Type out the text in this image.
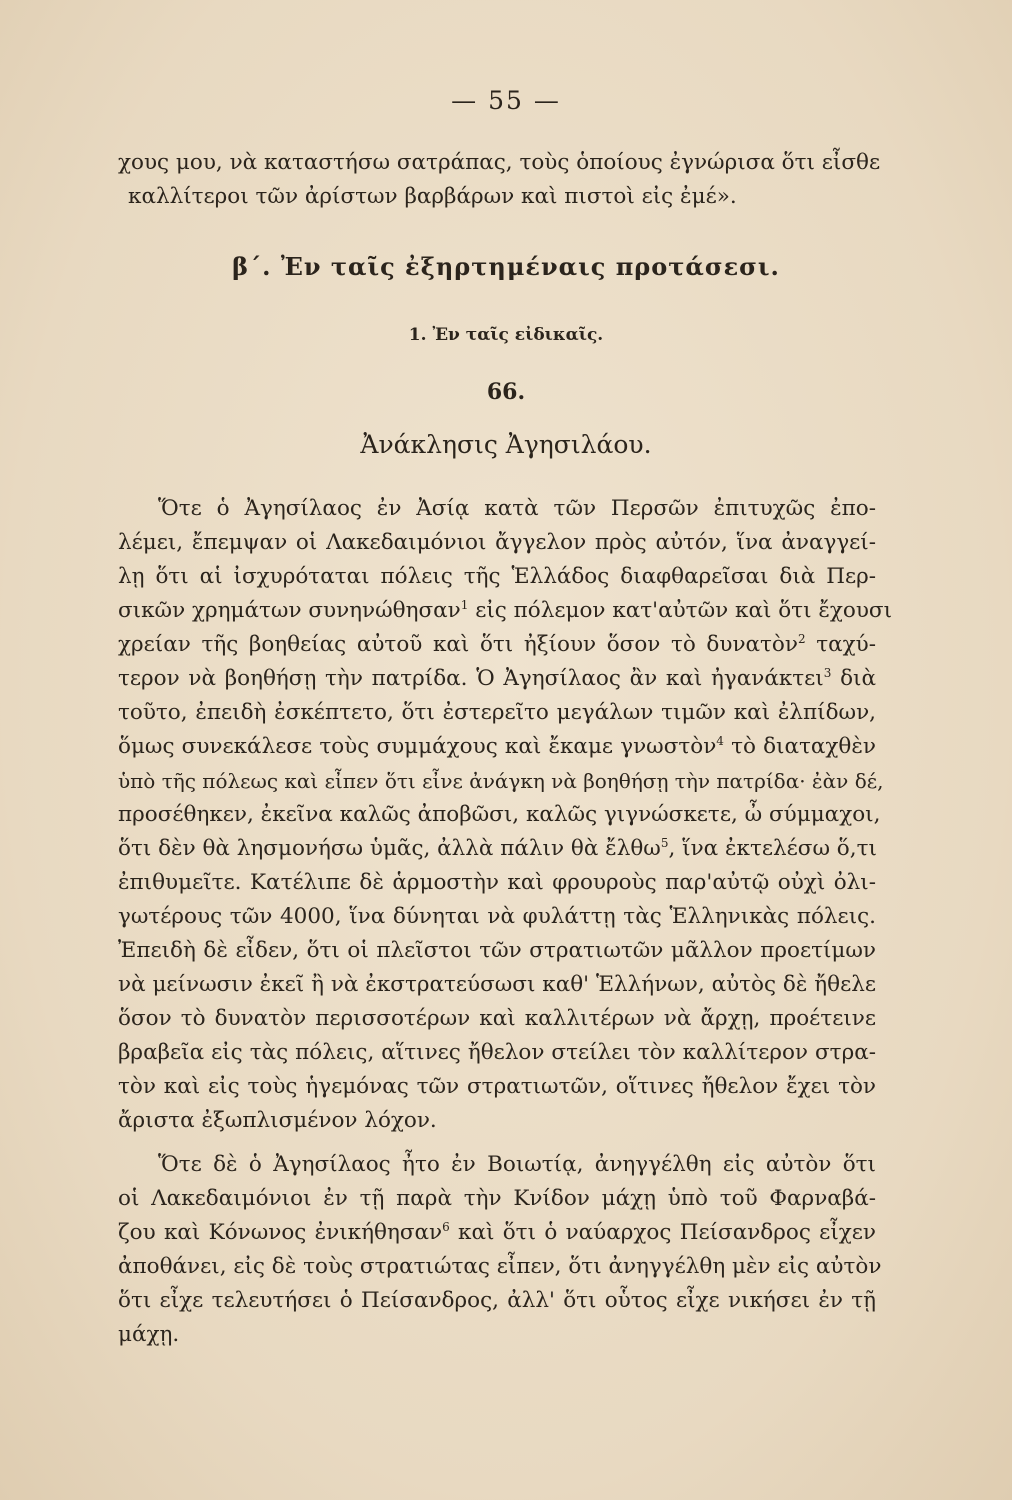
— 55 —
χους μου, νὰ καταστήσω σατράπας, τοὺς ὁποίους ἐγνώρισα ὅτι εἶσθε
καλλίτεροι τῶν ἀρίστων βαρβάρων καὶ πιστοὶ εἰς ἐμέ».
β΄. Ἐν ταῖς ἐξηρτημέναις προτάσεσι.
1. Ἐν ταῖς εἰδικαῖς.
66.
Ἀνάκλησις Ἀγησιλάου.
Ὅτε ὁ Ἀγησίλαος ἐν Ἀσίᾳ κατὰ τῶν Περσῶν ἐπιτυχῶς ἐπο-
λέμει, ἔπεμψαν οἱ Λακεδαιμόνιοι ἄγγελον πρὸς αὐτόν, ἵνα ἀναγγεί-
λῃ ὅτι αἱ ἰσχυρόταται πόλεις τῆς Ἑλλάδος διαφθαρεῖσαι διὰ Περ-
σικῶν χρημάτων συνηνώθησαν$^1$ εἰς πόλεμον κατ'αὐτῶν καὶ ὅτι ἔχουσι
χρείαν τῆς βοηθείας αὐτοῦ καὶ ὅτι ἠξίουν ὅσον τὸ δυνατὸν$^2$ ταχύ-
τερον νὰ βοηθήσῃ τὴν πατρίδα. Ὁ Ἀγησίλαος ἂν καὶ ἠγανάκτει$^3$ διὰ
τοῦτο, ἐπειδὴ ἐσκέπτετο, ὅτι ἐστερεῖτο μεγάλων τιμῶν καὶ ἐλπίδων,
ὅμως συνεκάλεσε τοὺς συμμάχους καὶ ἔκαμε γνωστὸν$^4$ τὸ διαταχθὲν
ὑπὸ τῆς πόλεως καὶ εἶπεν ὅτι εἶνε ἀνάγκη νὰ βοηθήσῃ τὴν πατρίδα· ἐὰν δέ,
προσέθηκεν, ἐκεῖνα καλῶς ἀποβῶσι, καλῶς γιγνώσκετε, ὦ σύμμαχοι,
ὅτι δὲν θὰ λησμονήσω ὑμᾶς, ἀλλὰ πάλιν θὰ ἔλθω$^5$, ἵνα ἐκτελέσω ὅ,τι
ἐπιθυμεῖτε. Κατέλιπε δὲ ἁρμοστὴν καὶ φρουροὺς παρ'αὐτῷ οὐχὶ ὀλι-
γωτέρους τῶν 4000, ἵνα δύνηται νὰ φυλάττῃ τὰς Ἑλληνικὰς πόλεις.
Ἐπειδὴ δὲ εἶδεν, ὅτι οἱ πλεῖστοι τῶν στρατιωτῶν μᾶλλον προετίμων
νὰ μείνωσιν ἐκεῖ ἢ νὰ ἐκστρατεύσωσι καθ' Ἑλλήνων, αὐτὸς δὲ ἤθελε
ὅσον τὸ δυνατὸν περισσοτέρων καὶ καλλιτέρων νὰ ἄρχῃ, προέτεινε
βραβεῖα εἰς τὰς πόλεις, αἵτινες ἤθελον στείλει τὸν καλλίτερον στρα-
τὸν καὶ εἰς τοὺς ἡγεμόνας τῶν στρατιωτῶν, οἵτινες ἤθελον ἔχει τὸν
ἄριστα ἐξωπλισμένον λόχον.
Ὅτε δὲ ὁ Ἀγησίλαος ἦτο ἐν Βοιωτίᾳ, ἀνηγγέλθη εἰς αὐτὸν ὅτι
οἱ Λακεδαιμόνιοι ἐν τῇ παρὰ τὴν Κνίδον μάχῃ ὑπὸ τοῦ Φαρναβά-
ζου καὶ Κόνωνος ἐνικήθησαν$^6$ καὶ ὅτι ὁ ναύαρχος Πείσανδρος εἶχεν
ἀποθάνει, εἰς δὲ τοὺς στρατιώτας εἶπεν, ὅτι ἀνηγγέλθη μὲν εἰς αὐτὸν
ὅτι εἶχε τελευτήσει ὁ Πείσανδρος, ἀλλ' ὅτι οὗτος εἶχε νικήσει ἐν τῇ
μάχῃ.
